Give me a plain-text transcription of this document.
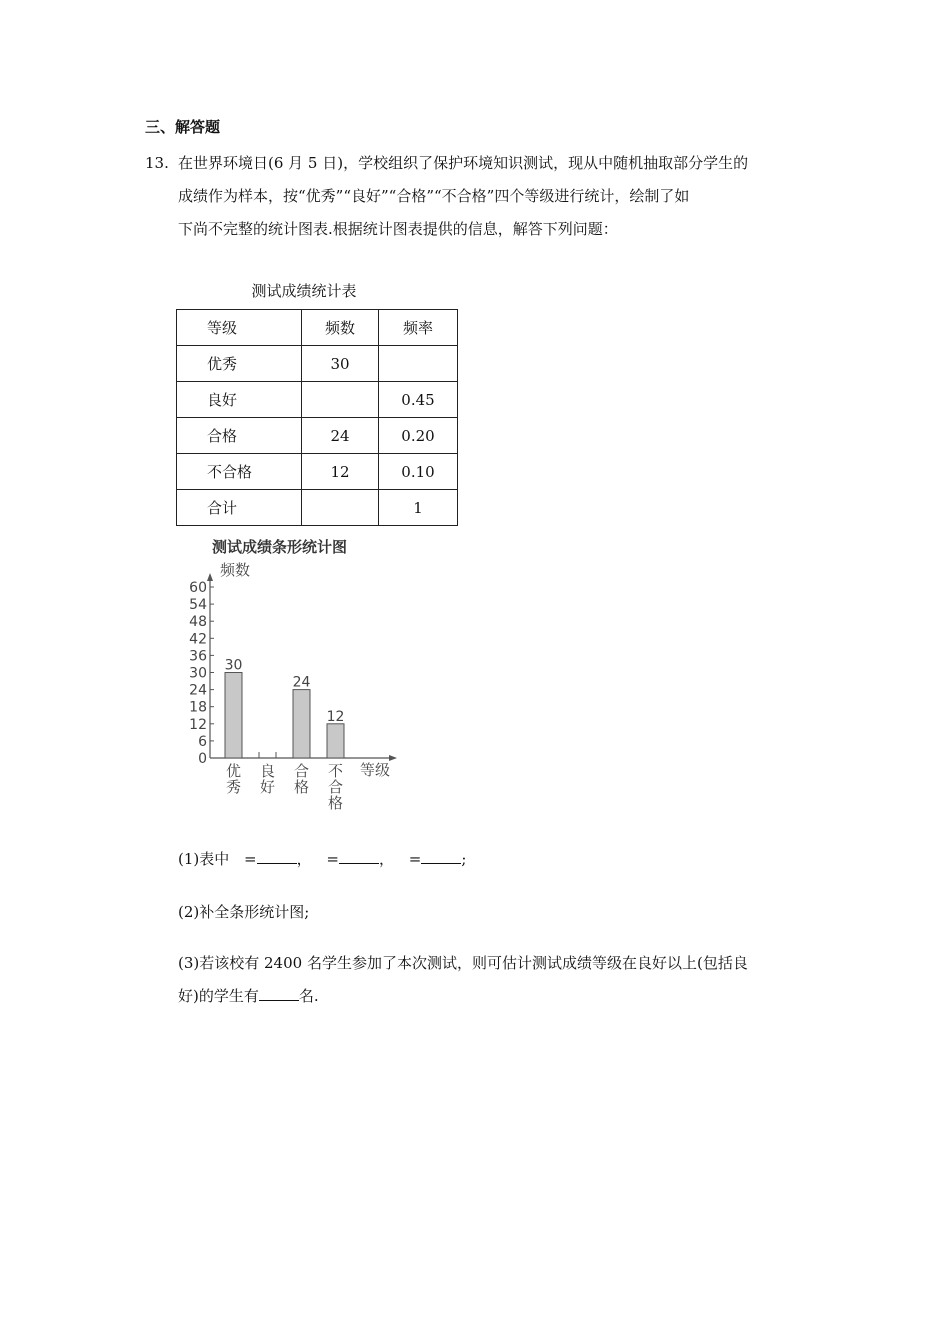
三、解答题
13. 在世界环境日(6 月 5 日)，学校组织了保护环境知识测试，现从中随机抽取部分学生的
成绩作为样本，按“优秀”“良好”“合格”“不合格”四个等级进行统计，绘制了如
下尚不完整的统计图表.根据统计图表提供的信息，解答下列问题：
测试成绩统计表
等级	频数	频率
优秀	30	
良好		0.45
合格	24	0.20
不合格	12	0.10
合计		1
测试成绩条形统计图
频数
0
6
12
18
24
30
36
42
48
54
60
30
优
秀
良
好
24
合
格
12
不
合
格
等级
(1)表中 =	， =	， =	;
(2)补全条形统计图;
(3)若该校有 2400 名学生参加了本次测试，则可估计测试成绩等级在良好以上(包括良
好)的学生有	名.
